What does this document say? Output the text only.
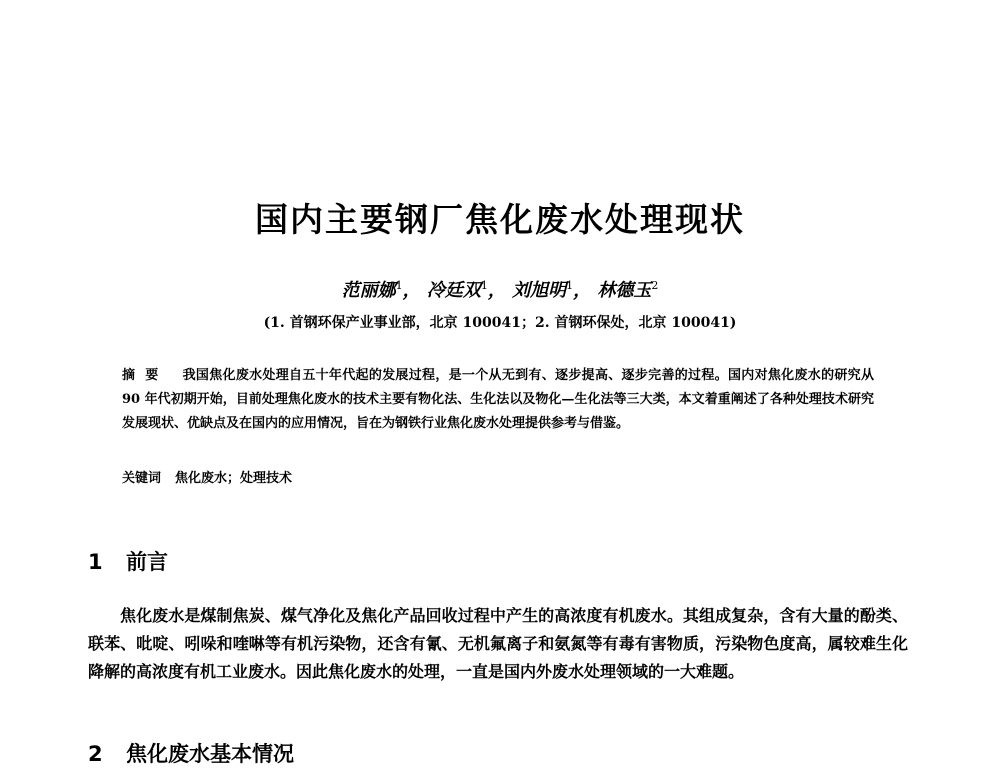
国内主要钢厂焦化废水处理现状
范丽娜$^1$， 冷廷双$^1$， 刘旭明$^1$， 林德玉$^2$
(1. 首钢环保产业事业部，北京 100041；2. 首钢环保处，北京 100041)
摘要 我国焦化废水处理自五十年代起的发展过程，是一个从无到有、逐步提高、逐步完善的过程。国内对焦化废水的研究从 90 年代初期开始，目前处理焦化废水的技术主要有物化法、生化法以及物化—生化法等三大类，本文着重阐述了各种处理技术研究发展现状、优缺点及在国内的应用情况，旨在为钢铁行业焦化废水处理提供参考与借鉴。
关键词 焦化废水；处理技术
1 前言
焦化废水是煤制焦炭、煤气净化及焦化产品回收过程中产生的高浓度有机废水。其组成复杂，含有大量的酚类、联苯、吡啶、吲哚和喹啉等有机污染物，还含有氰、无机氟离子和氨氮等有毒有害物质，污染物色度高，属较难生化降解的高浓度有机工业废水。因此焦化废水的处理，一直是国内外废水处理领域的一大难题。
2 焦化废水基本情况
